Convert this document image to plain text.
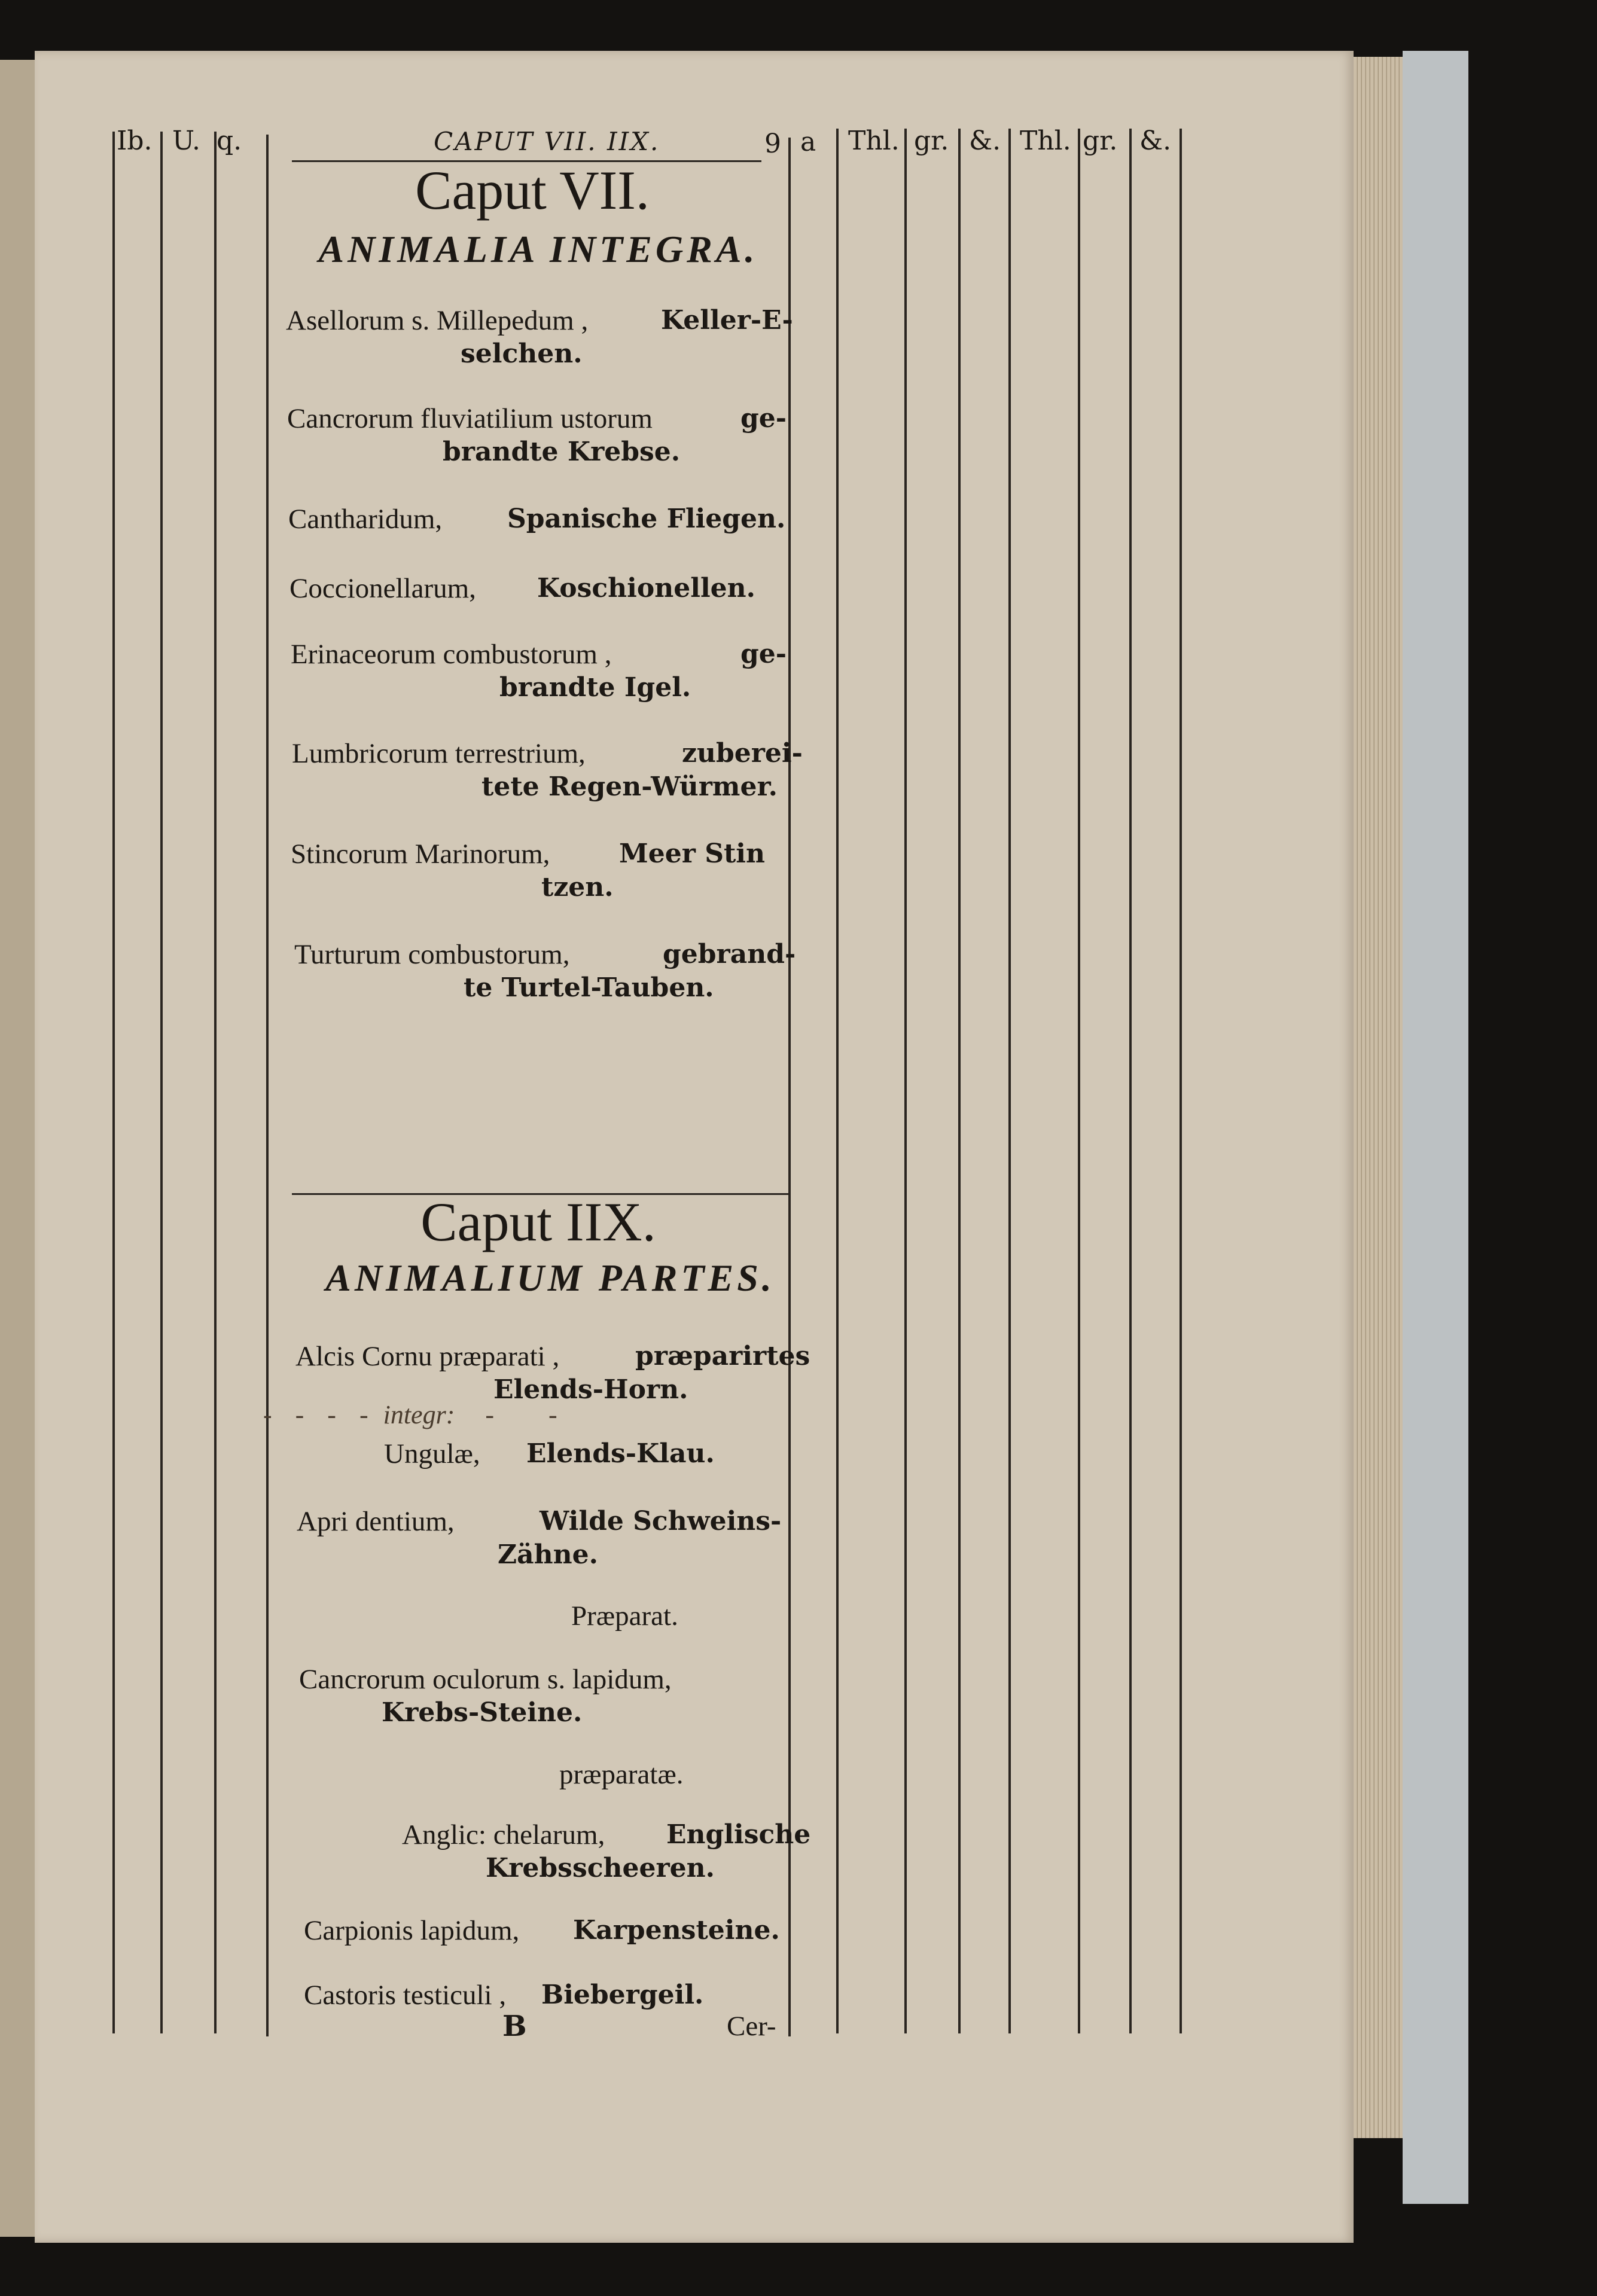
Ib. U. q.	CAPUT VII. IIX.	9 a Thl. gr. &. Thl. gr. &.
Caput VII.
ANIMALIA INTEGRA.
Asellorum s. Millepedum ,	Keller-E-
selchen.
Cancrorum fluviatilium ustorum	ge-
brandte Krebse.
Cantharidum, Spanische Fliegen.
Coccionellarum, Koschionellen.
Erinaceorum combustorum ,	ge-
brandte Igel.
Lumbricorum terrestrium,	zuberei-
tete Regen-Würmer.
Stincorum Marinorum,	Meer Stin
tzen.
Turturum combustorum,	gebrand-
te Turtel-Tauben.
Caput IIX.
ANIMALIUM PARTES.
Alcis Cornu præparati ,	præparirtes
Elends-Horn.
- - - - integr: - -
Ungulæ, Elends-Klau.
Apri dentium,	Wilde Schweins-
Zähne.
Præparat.
Cancrorum oculorum s. lapidum,
Krebs-Steine.
præparatæ.
Anglic: chelarum, Englische
Krebsscheeren.
Carpionis lapidum, Karpensteine.
Castoris testiculi , Biebergeil.
B	Cer-
